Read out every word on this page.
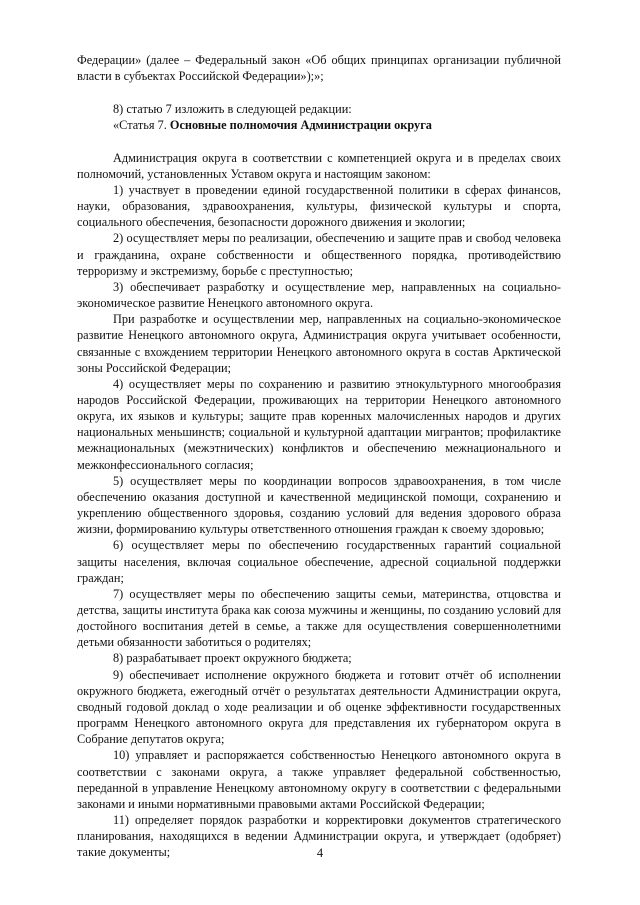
Федерации» (далее – Федеральный закон «Об общих принципах организации публичной власти в субъектах Российской Федерации»);»;

8) статью 7 изложить в следующей редакции:

«Статья 7. Основные полномочия Администрации округа

Администрация округа в соответствии с компетенцией округа и в пределах своих полномочий, установленных Уставом округа и настоящим законом:

1) участвует в проведении единой государственной политики в сферах финансов, науки, образования, здравоохранения, культуры, физической культуры и спорта, социального обеспечения, безопасности дорожного движения и экологии;

2) осуществляет меры по реализации, обеспечению и защите прав и свобод человека и гражданина, охране собственности и общественного порядка, противодействию терроризму и экстремизму, борьбе с преступностью;

3) обеспечивает разработку и осуществление мер, направленных на социально-экономическое развитие Ненецкого автономного округа.

При разработке и осуществлении мер, направленных на социально-экономическое развитие Ненецкого автономного округа, Администрация округа учитывает особенности, связанные с вхождением территории Ненецкого автономного округа в состав Арктической зоны Российской Федерации;

4) осуществляет меры по сохранению и развитию этнокультурного многообразия народов Российской Федерации, проживающих на территории Ненецкого автономного округа, их языков и культуры; защите прав коренных малочисленных народов и других национальных меньшинств; социальной и культурной адаптации мигрантов; профилактике межнациональных (межэтнических) конфликтов и обеспечению межнационального и межконфессионального согласия;

5) осуществляет меры по координации вопросов здравоохранения, в том числе обеспечению оказания доступной и качественной медицинской помощи, сохранению и укреплению общественного здоровья, созданию условий для ведения здорового образа жизни, формированию культуры ответственного отношения граждан к своему здоровью;

6) осуществляет меры по обеспечению государственных гарантий социальной защиты населения, включая социальное обеспечение, адресной социальной поддержки граждан;

7) осуществляет меры по обеспечению защиты семьи, материнства, отцовства и детства, защиты института брака как союза мужчины и женщины, по созданию условий для достойного воспитания детей в семье, а также для осуществления совершеннолетними детьми обязанности заботиться о родителях;

8) разрабатывает проект окружного бюджета;

9) обеспечивает исполнение окружного бюджета и готовит отчёт об исполнении окружного бюджета, ежегодный отчёт о результатах деятельности Администрации округа, сводный годовой доклад о ходе реализации и об оценке эффективности государственных программ Ненецкого автономного округа для представления их губернатором округа в Собрание депутатов округа;

10) управляет и распоряжается собственностью Ненецкого автономного округа в соответствии с законами округа, а также управляет федеральной собственностью, переданной в управление Ненецкому автономному округу в соответствии с федеральными законами и иными нормативными правовыми актами Российской Федерации;

11) определяет порядок разработки и корректировки документов стратегического планирования, находящихся в ведении Администрации округа, и утверждает (одобряет) такие документы;	4
